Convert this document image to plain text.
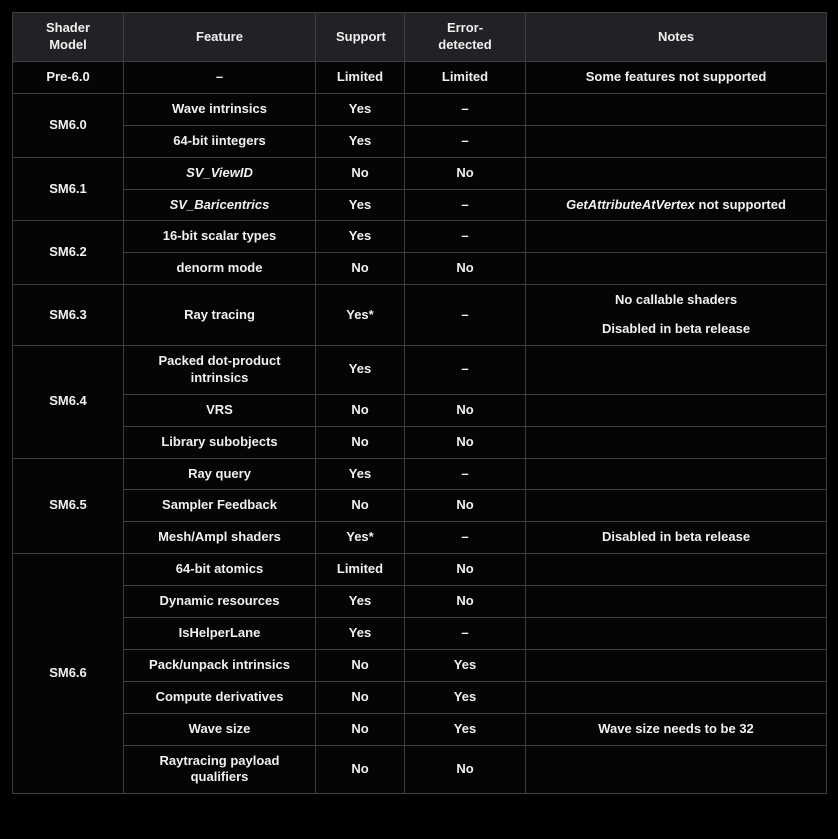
Shader Model	Feature	Support	Error-detected	Notes
Pre-6.0	–	Limited	Limited	Some features not supported

SM6.0	Wave intrinsics	Yes	–	
	64-bit iintegers	Yes	–	
SM6.1	SV_ViewID	No	No	
	SV_Baricentrics	Yes	–	GetAttributeAtVertex not supported

SM6.2	16-bit scalar types	Yes	–	
	denorm mode	No	No	
SM6.3	Ray tracing	Yes*	–	No callable shaders
Disabled in beta release

SM6.4	Packed dot-product intrinsics	Yes	–	
	VRS	No	No	
	Library subobjects	No	No	
SM6.5	Ray query	Yes	–	
	Sampler Feedback	No	No	
	Mesh/Ampl shaders	Yes*	–	Disabled in beta release

SM6.6	64-bit atomics	Limited	No	
	Dynamic resources	Yes	No	
	IsHelperLane	Yes	–	
	Pack/unpack intrinsics	No	Yes	
	Compute derivatives	No	Yes	
	Wave size	No	Yes	Wave size needs to be 32

	Raytracing payload qualifiers	No	No	
